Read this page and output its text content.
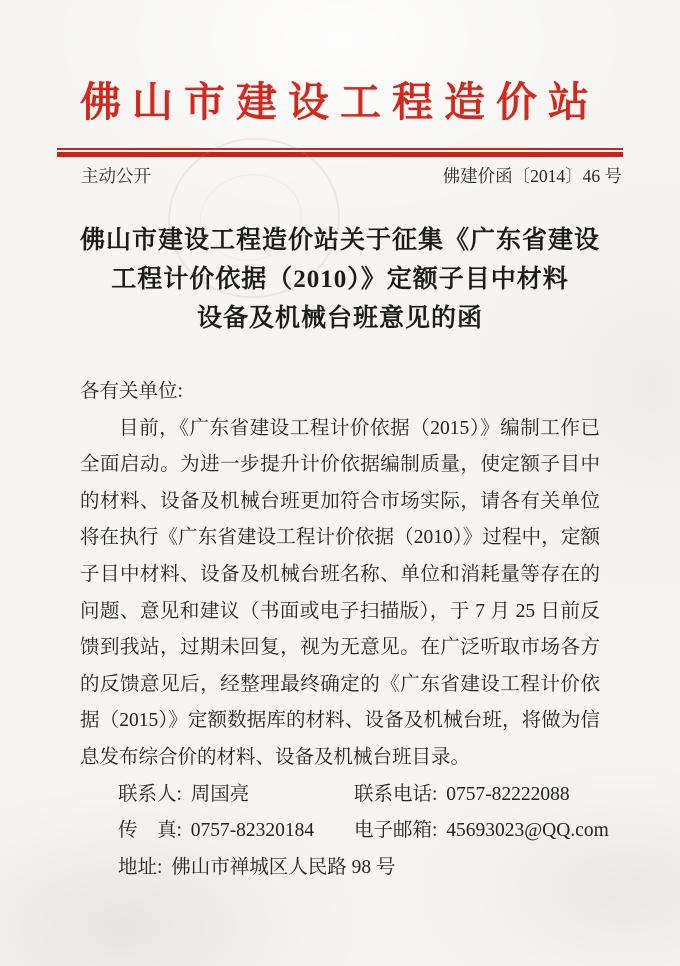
佛山市建设工程造价站
主动公开	佛建价函〔2014〕46 号
佛山市建设工程造价站关于征集《广东省建设
工程计价依据（2010）》定额子目中材料
设备及机械台班意见的函
各有关单位:

目前，《广东省建设工程计价依据（2015）》编制工作已全面启动。为进一步提升计价依据编制质量，使定额子目中的材料、设备及机械台班更加符合市场实际，请各有关单位将在执行《广东省建设工程计价依据（2010）》过程中，定额子目中材料、设备及机械台班名称、单位和消耗量等存在的问题、意见和建议（书面或电子扫描版），于 7 月 25 日前反馈到我站，过期未回复，视为无意见。在广泛听取市场各方的反馈意见后，经整理最终确定的《广东省建设工程计价依据（2015）》定额数据库的材料、设备及机械台班，将做为信息发布综合价的材料、设备及机械台班目录。

联系人: 周国亮	联系电话: 0757-82222088
传　真: 0757-82320184	电子邮箱: 45693023@QQ.com
地址: 佛山市禅城区人民路 98 号
